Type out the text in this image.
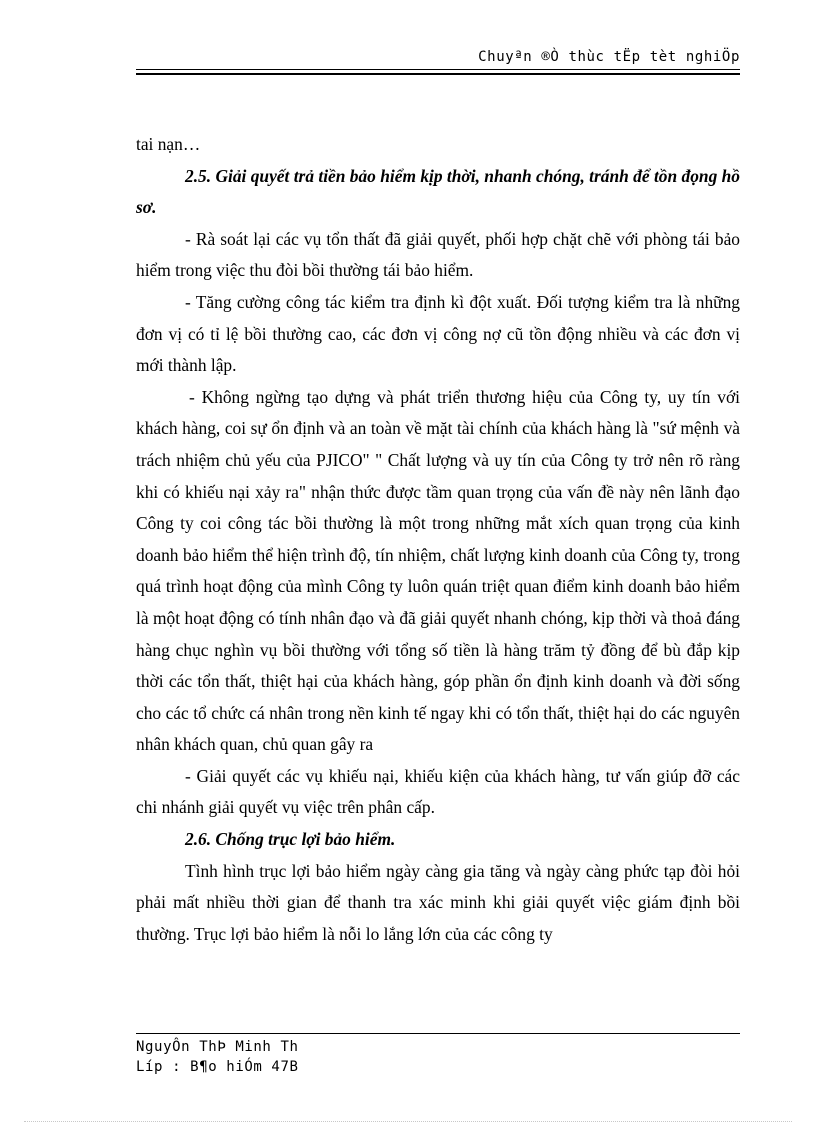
Chuyªn ®Ò thùc tËp tèt nghiÖp

tai nạn…

2.5. Giải quyết trả tiền bảo hiểm kịp thời, nhanh chóng, tránh để tồn đọng hồ sơ.

- Rà soát lại các vụ tổn thất đã giải quyết, phối hợp chặt chẽ với phòng tái bảo hiểm trong việc thu đòi bồi thường tái bảo hiểm.

- Tăng cường công tác kiểm tra định kì đột xuất. Đối tượng kiểm tra là những đơn vị có tỉ lệ bồi thường cao, các đơn vị công nợ cũ tồn động nhiều và các đơn vị mới thành lập.

- Không ngừng tạo dựng và phát triển thương hiệu của Công ty, uy tín với khách hàng, coi sự ổn định và an toàn về mặt tài chính của khách hàng là "sứ mệnh và trách nhiệm chủ yếu của PJICO" " Chất lượng và uy tín của Công ty trở nên rõ ràng khi có khiếu nại xảy ra" nhận thức được tầm quan trọng của vấn đề này nên lãnh đạo Công ty coi công tác bồi thường là một trong những mắt xích quan trọng của kinh doanh bảo hiểm thể hiện trình độ, tín nhiệm, chất lượng kinh doanh của Công ty, trong quá trình hoạt động của mình Công ty luôn quán triệt quan điểm kinh doanh bảo hiểm là một hoạt động có tính nhân đạo và đã giải quyết nhanh chóng, kịp thời và thoả đáng hàng chục nghìn vụ bồi thường với tổng số tiền là hàng trăm tỷ đồng để bù đắp kịp thời các tổn thất, thiệt hại của khách hàng, góp phần ổn định kinh doanh và đời sống cho các tổ chức cá nhân trong nền kinh tế ngay khi có tổn thất, thiệt hại do các nguyên nhân khách quan, chủ quan gây ra

- Giải quyết các vụ khiếu nại, khiếu kiện của khách hàng, tư vấn giúp đỡ các chi nhánh giải quyết vụ việc trên phân cấp.

2.6. Chống trục lợi bảo hiểm.

Tình hình trục lợi bảo hiểm ngày càng gia tăng và ngày càng phức tạp đòi hỏi phải mất nhiều thời gian để thanh tra xác minh khi giải quyết việc giám định bồi thường. Trục lợi bảo hiểm là nỗi lo lắng lớn của các công ty

NguyÔn ThÞ Minh Th
Líp : B¶o hiÓm 47B
